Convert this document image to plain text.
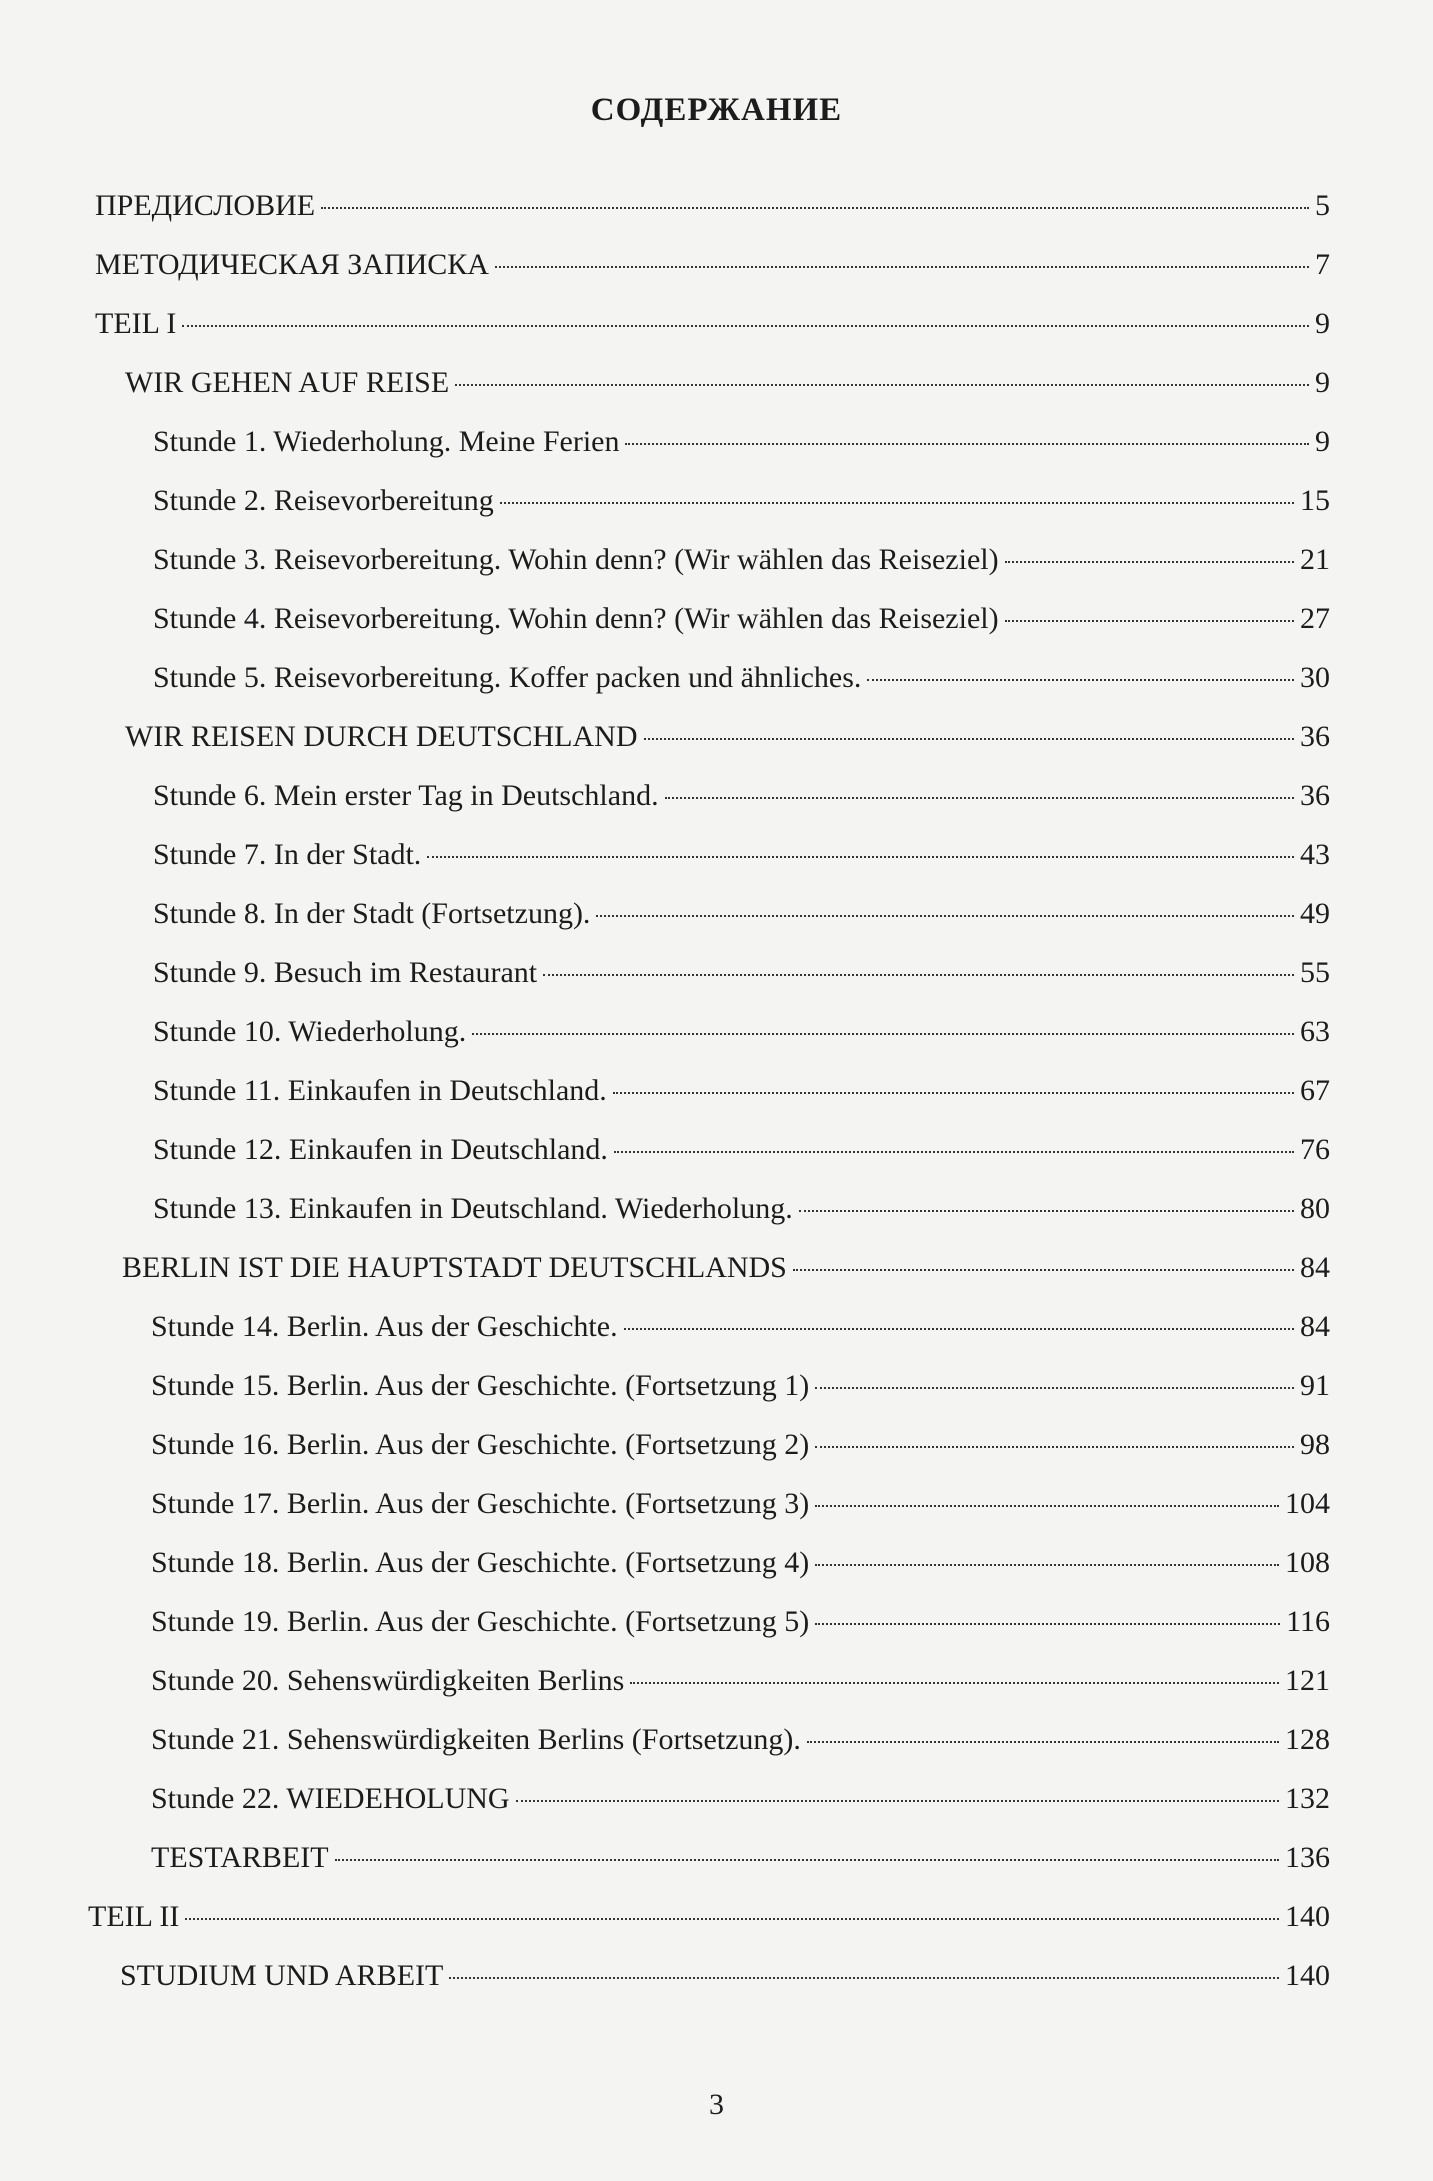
СОДЕРЖАНИЕ
ПРЕДИСЛОВИЕ	5
МЕТОДИЧЕСКАЯ ЗАПИСКА	7
TEIL I	9
WIR GEHEN AUF REISE	9
Stunde 1. Wiederholung. Meine Ferien	9
Stunde 2. Reisevorbereitung	15
Stunde 3. Reisevorbereitung. Wohin denn? (Wir wählen das Reiseziel)	21
Stunde 4. Reisevorbereitung. Wohin denn? (Wir wählen das Reiseziel)	27
Stunde 5. Reisevorbereitung. Koffer packen und ähnliches.	30
WIR REISEN DURCH DEUTSCHLAND	36
Stunde 6. Mein erster Tag in Deutschland.	36
Stunde 7. In der Stadt.	43
Stunde 8. In der Stadt (Fortsetzung).	49
Stunde 9. Besuch im Restaurant	55
Stunde 10. Wiederholung.	63
Stunde 11. Einkaufen in Deutschland.	67
Stunde 12. Einkaufen in Deutschland.	76
Stunde 13. Einkaufen in Deutschland. Wiederholung.	80
BERLIN IST DIE HAUPTSTADT DEUTSCHLANDS	84
Stunde 14. Berlin. Aus der Geschichte.	84
Stunde 15. Berlin. Aus der Geschichte. (Fortsetzung 1)	91
Stunde 16. Berlin. Aus der Geschichte. (Fortsetzung 2)	98
Stunde 17. Berlin. Aus der Geschichte. (Fortsetzung 3)	104
Stunde 18. Berlin. Aus der Geschichte. (Fortsetzung 4)	108
Stunde 19. Berlin. Aus der Geschichte. (Fortsetzung 5)	116
Stunde 20. Sehenswürdigkeiten Berlins	121
Stunde 21. Sehenswürdigkeiten Berlins (Fortsetzung).	128
Stunde 22. WIEDEHOLUNG	132
TESTARBEIT	136
TEIL II	140
STUDIUM UND ARBEIT	140
3
